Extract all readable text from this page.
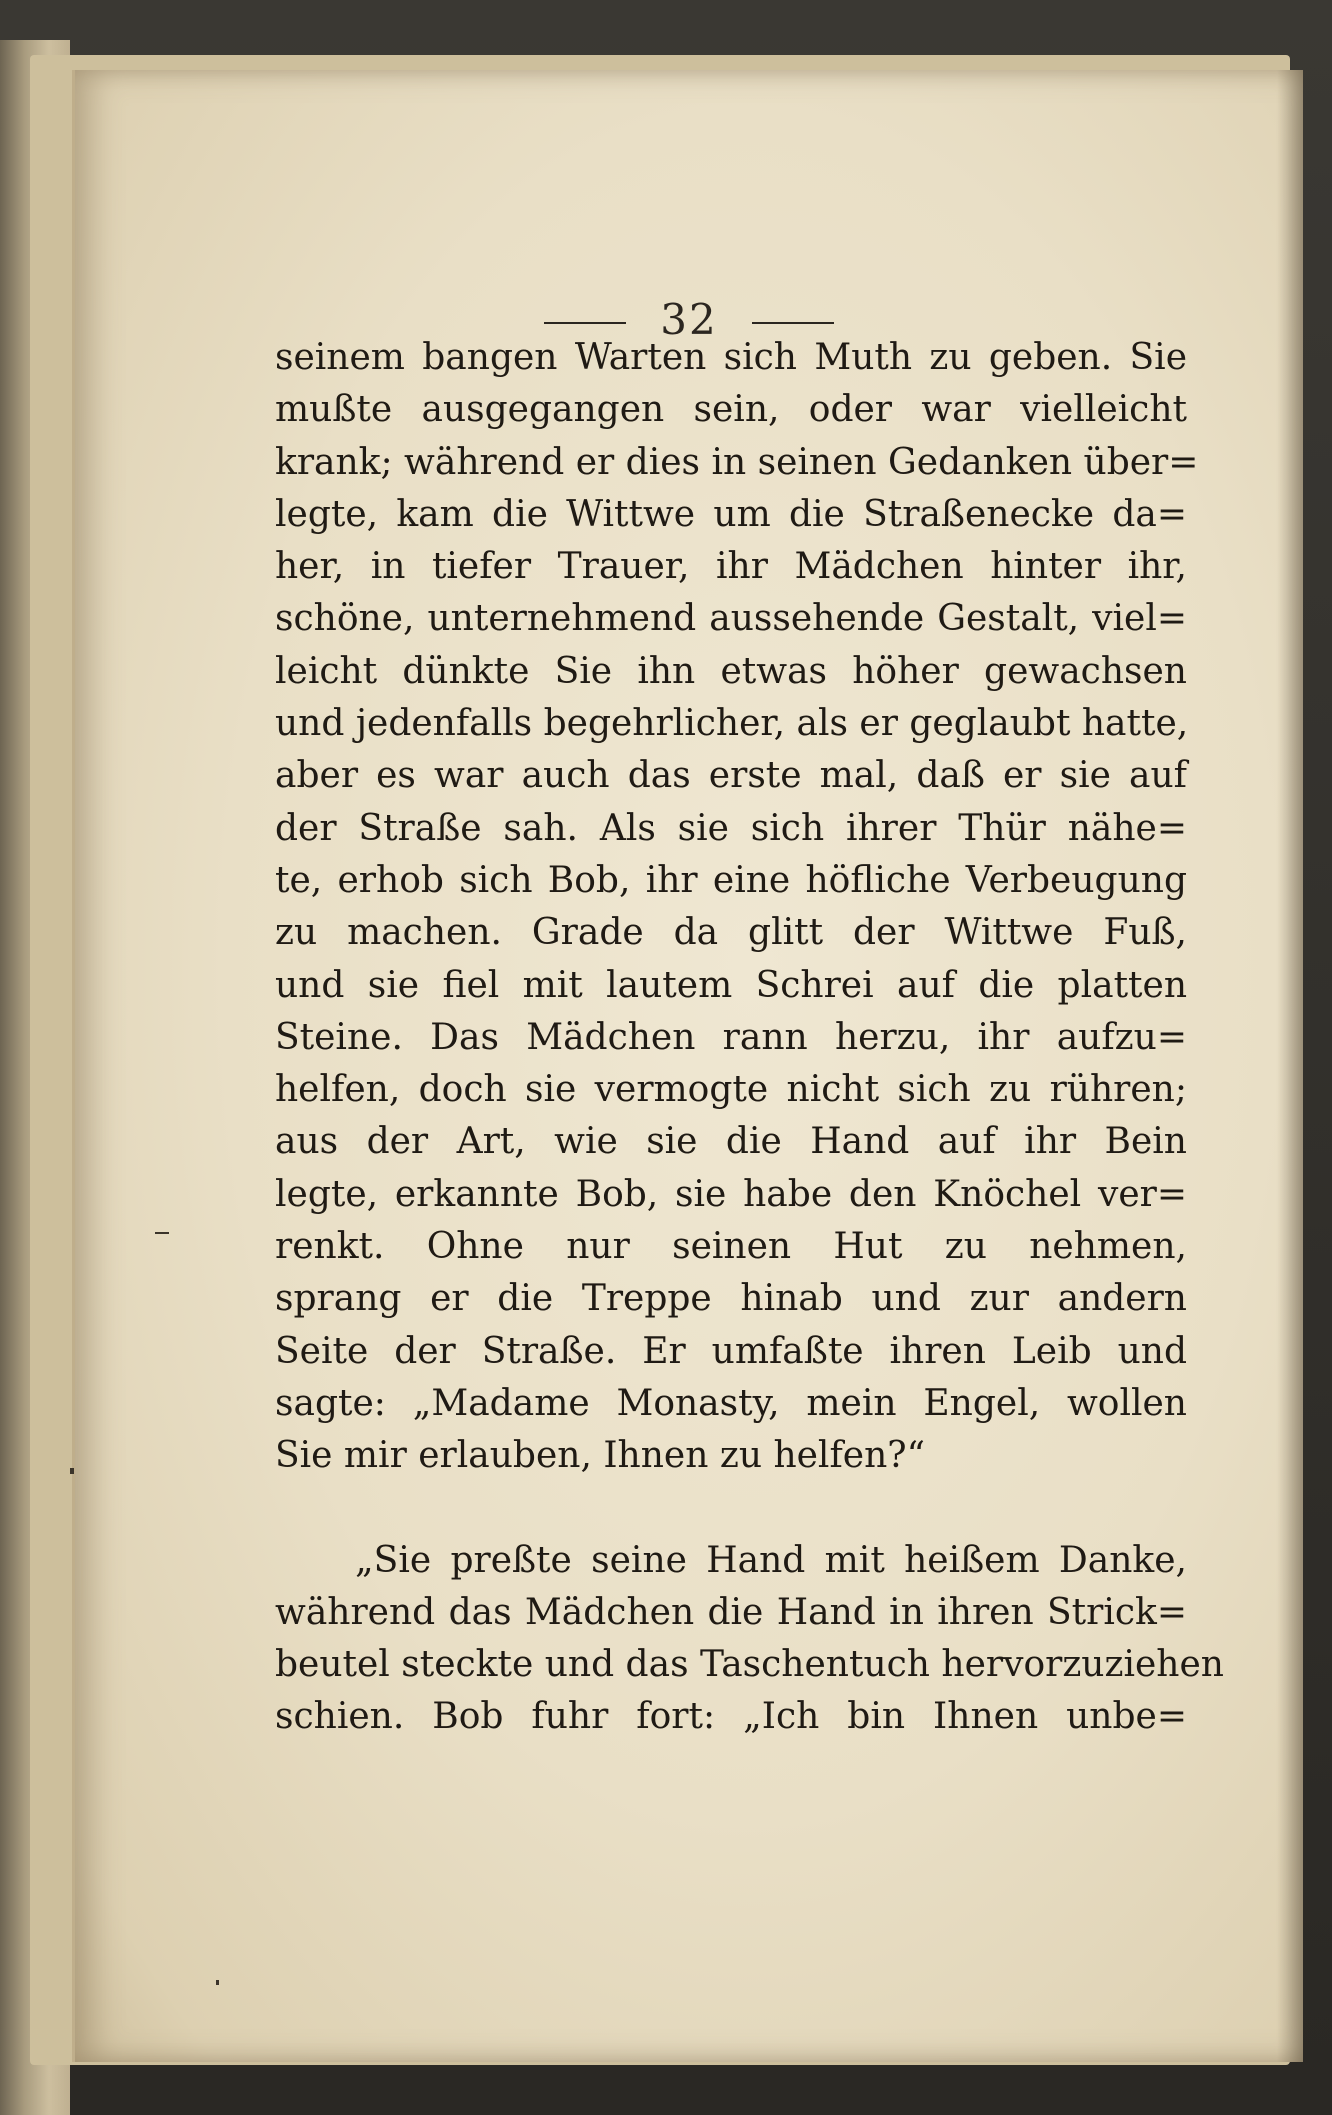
32
seinem bangen Warten sich Muth zu geben. Sie
mußte ausgegangen sein, oder war vielleicht
krank; während er dies in seinen Gedanken über=
legte, kam die Wittwe um die Straßenecke da=
her, in tiefer Trauer, ihr Mädchen hinter ihr,
schöne, unternehmend aussehende Gestalt, viel=
leicht dünkte Sie ihn etwas höher gewachsen
und jedenfalls begehrlicher, als er geglaubt hatte,
aber es war auch das erste mal, daß er sie auf
der Straße sah. Als sie sich ihrer Thür nähe=
te, erhob sich Bob, ihr eine höfliche Verbeugung
zu machen. Grade da glitt der Wittwe Fuß,
und sie fiel mit lautem Schrei auf die platten
Steine. Das Mädchen rann herzu, ihr aufzu=
helfen, doch sie vermogte nicht sich zu rühren;
aus der Art, wie sie die Hand auf ihr Bein
legte, erkannte Bob, sie habe den Knöchel ver=
renkt. Ohne nur seinen Hut zu nehmen,
sprang er die Treppe hinab und zur andern
Seite der Straße. Er umfaßte ihren Leib und
sagte: „Madame Monasty, mein Engel, wollen
Sie mir erlauben, Ihnen zu helfen?“
„Sie preßte seine Hand mit heißem Danke,
während das Mädchen die Hand in ihren Strick=
beutel steckte und das Taschentuch hervorzuziehen
schien. Bob fuhr fort: „Ich bin Ihnen unbe=
